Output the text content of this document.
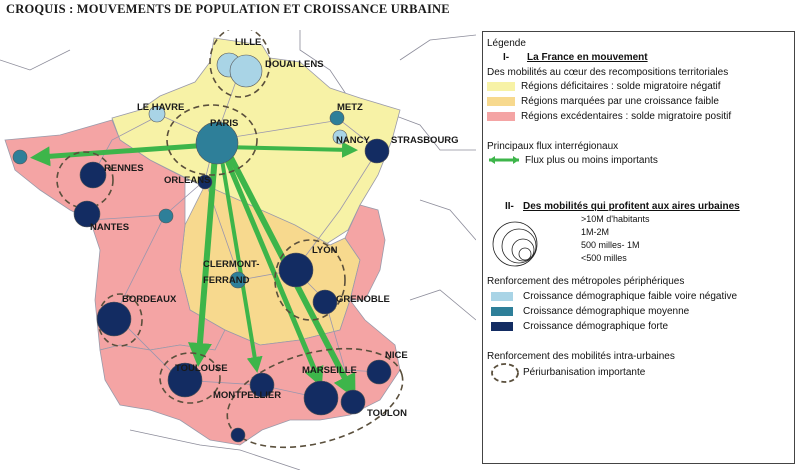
CROQUIS : MOUVEMENTS DE POPULATION ET CROISSANCE URBAINE
LILLE
DOUAI LENS
LE HAVRE
PARIS
METZ
NANCY STRASBOURG
RENNES
ORLEANS
NANTES
LYON
CLERMONT-
FERRAND
GRENOBLE
BORDEAUX
TOULOUSE
MONTPELLIER
MARSEILLE
NICE
TOULON
Légende
I- La France en mouvement
Des mobilités au cœur des recompositions territoriales
Régions déficitaires : solde migratoire négatif
Régions marquées par une croissance faible
Régions excédentaires : solde migratoire positif
Principaux flux interrégionaux
Flux plus ou moins importants
II- Des mobilités qui profitent aux aires urbaines
>10M d'habitants
1M-2M
500 milles- 1M
<500 milles
Renforcement des métropoles périphériques
Croissance démographique faible voire négative
Croissance démographique moyenne
Croissance démographique forte
Renforcement des mobilités intra-urbaines
Périurbanisation importante
